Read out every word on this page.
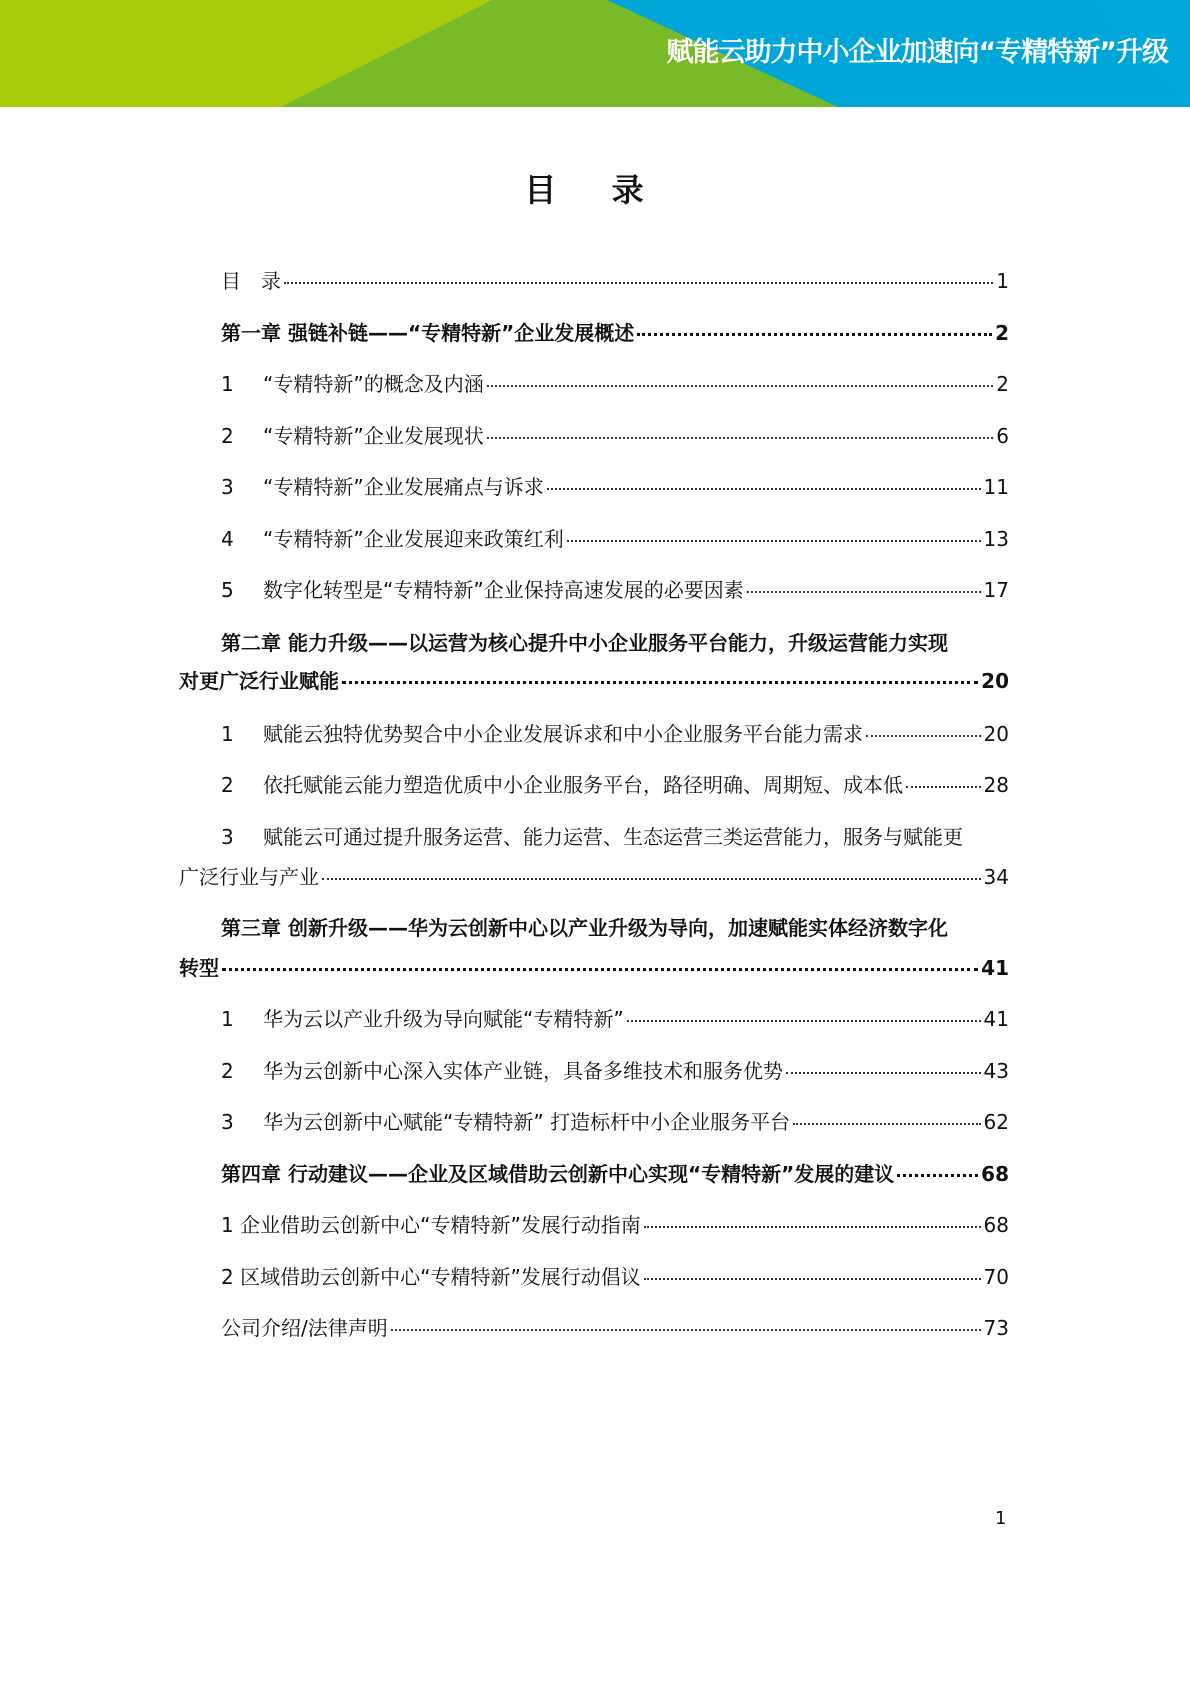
赋能云助力中小企业加速向“专精特新”升级
目 录
目　录	1
第一章 强链补链——“专精特新”企业发展概述	2
1	“专精特新”的概念及内涵	2
2	“专精特新”企业发展现状	6
3	“专精特新”企业发展痛点与诉求	11
4	“专精特新”企业发展迎来政策红利	13
5	数字化转型是“专精特新”企业保持高速发展的必要因素	17
第二章 能力升级——以运营为核心提升中小企业服务平台能力，升级运营能力实现
对更广泛行业赋能	20
1	赋能云独特优势契合中小企业发展诉求和中小企业服务平台能力需求	20
2	依托赋能云能力塑造优质中小企业服务平台，路径明确、周期短、成本低	28
3 赋能云可通过提升服务运营、能力运营、生态运营三类运营能力，服务与赋能更
广泛行业与产业	34
第三章 创新升级——华为云创新中心以产业升级为导向，加速赋能实体经济数字化
转型	41
1	华为云以产业升级为导向赋能“专精特新”	41
2	华为云创新中心深入实体产业链，具备多维技术和服务优势	43
3	华为云创新中心赋能“专精特新” 打造标杆中小企业服务平台	62
第四章 行动建议——企业及区域借助云创新中心实现“专精特新”发展的建议	68
1 企业借助云创新中心“专精特新”发展行动指南	68
2 区域借助云创新中心“专精特新”发展行动倡议	70
公司介绍/法律声明	73
1
